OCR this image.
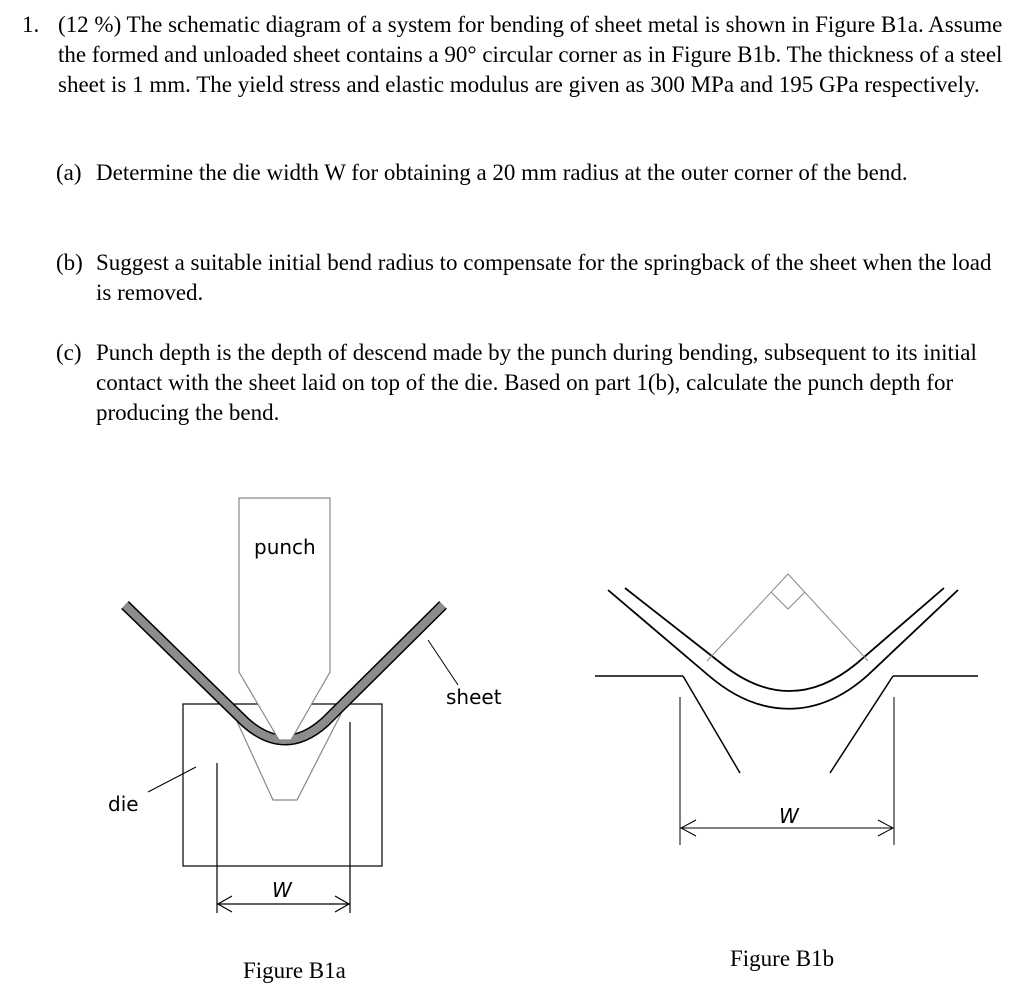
1. (12 %) The schematic diagram of a system for bending of sheet metal is shown in Figure B1a. Assume the formed and unloaded sheet contains a 90° circular corner as in Figure B1b. The thickness of a steel sheet is 1 mm. The yield stress and elastic modulus are given as 300 MPa and 195 GPa respectively.
(a) Determine the die width W for obtaining a 20 mm radius at the outer corner of the bend.
(b) Suggest a suitable initial bend radius to compensate for the springback of the sheet when the load is removed.
(c) Punch depth is the depth of descend made by the punch during bending, subsequent to its initial contact with the sheet laid on top of the die. Based on part 1(b), calculate the punch depth for producing the bend.
W
punch
sheet
die	W
Figure B1a	Figure B1b
